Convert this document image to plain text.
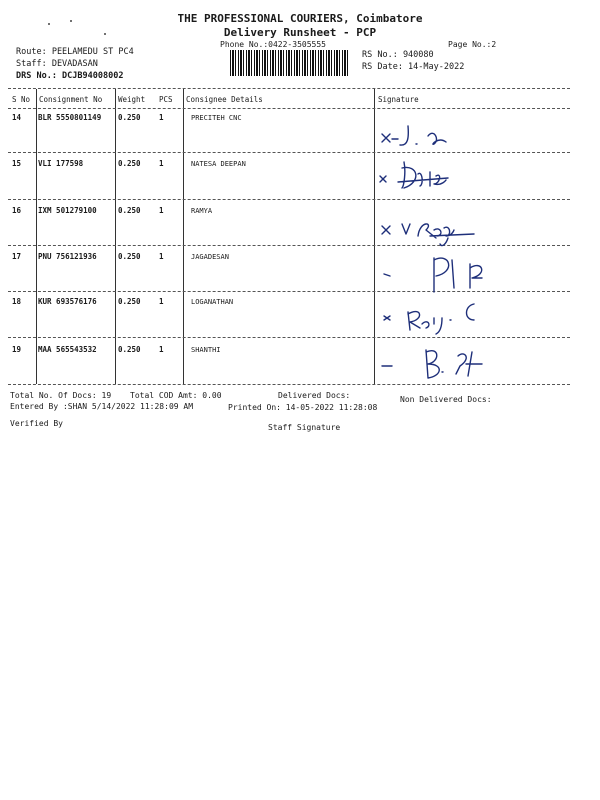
THE PROFESSIONAL COURIERS, Coimbatore
Delivery Runsheet - PCP
Phone No.:0422-3505555	Page No.:2
Route: PEELAMEDU ST PC4
Staff: DEVADASAN
DRS No.: DCJB94008002
RS No.: 940080
RS Date: 14-May-2022
S No Consignment No Weight PCS Consignee Details	Signature
14 BLR 5550801149 0.250 1	PRECITEH CNC
15 VLI 177598	0.250 1	NATESA DEEPAN
16 IXM 501279100	0.250 1	RAMYA
17 PNU 756121936	0.250 1	JAGADESAN
18 KUR 693576176	0.250 1	LOGANATHAN
19 MAA 565543532	0.250 1	SHANTHI
Total No. Of Docs: 19 Total COD Amt: 0.00	Delivered Docs:	Non Delivered Docs:
Entered By :SHAN 5/14/2022 11:28:09 AM	Printed On: 14-05-2022 11:28:08
Verified By	Staff Signature
